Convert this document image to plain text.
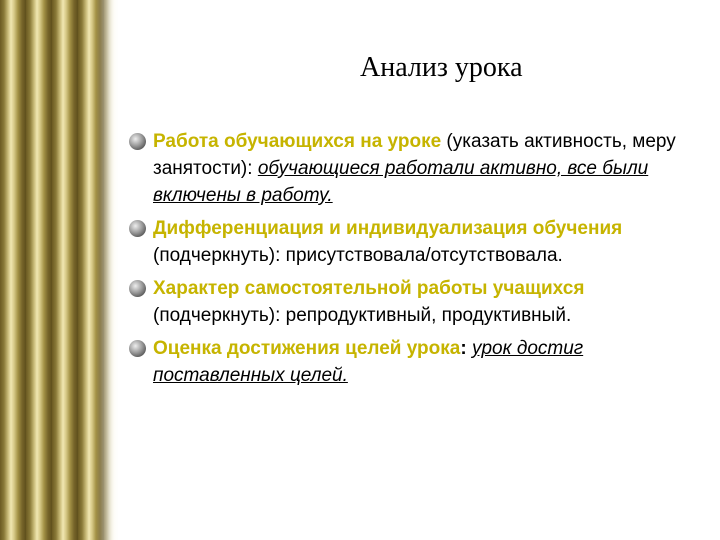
Анализ урока
Работа обучающихся на уроке (указать активность, меру занятости): обучающиеся работали активно, все были включены в работу.
Дифференциация и индивидуализация обучения (подчеркнуть): присутствовала/отсутствовала.
Характер самостоятельной работы учащихся (подчеркнуть): репродуктивный, продуктивный.
Оценка достижения целей урока: урок достиг поставленных целей.
